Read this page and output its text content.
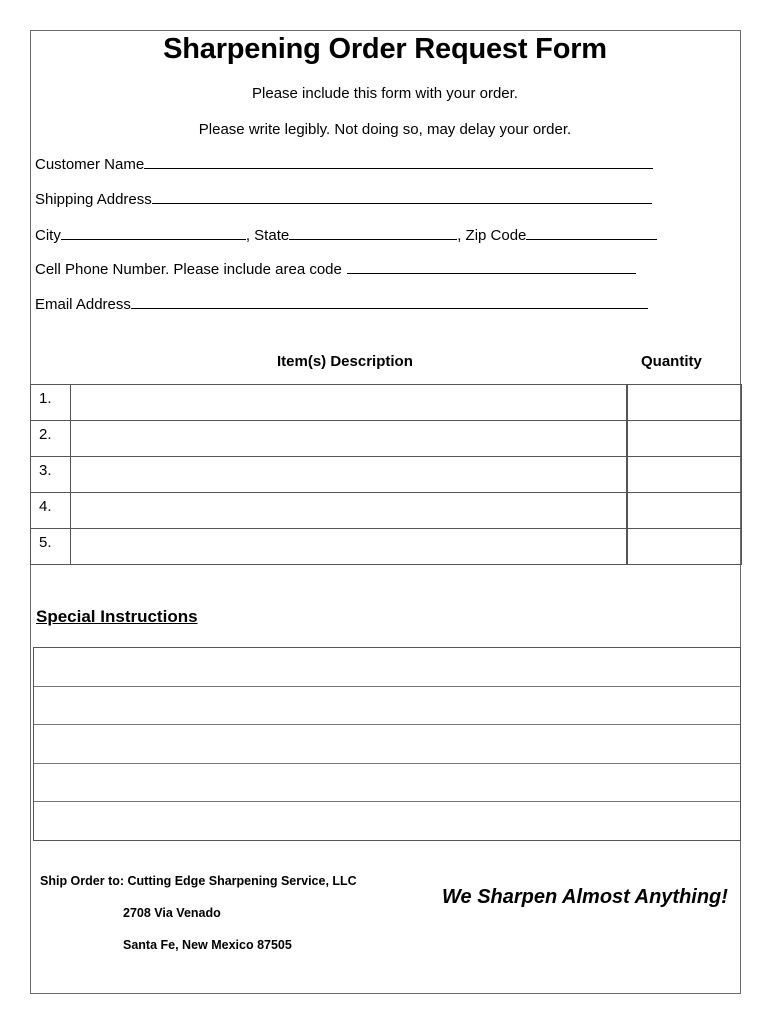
Sharpening Order Request Form
Please include this form with your order.
Please write legibly. Not doing so, may delay your order.
Customer Name
Shipping Address
City	, State	, Zip Code
Cell Phone Number. Please include area code
Email Address
Item(s) Description	Quantity
1.			
2.			
3.			
4.			
5.			
Special Instructions
Ship Order to: Cutting Edge Sharpening Service, LLC
2708 Via Venado
Santa Fe, New Mexico 87505
We Sharpen Almost Anything!
